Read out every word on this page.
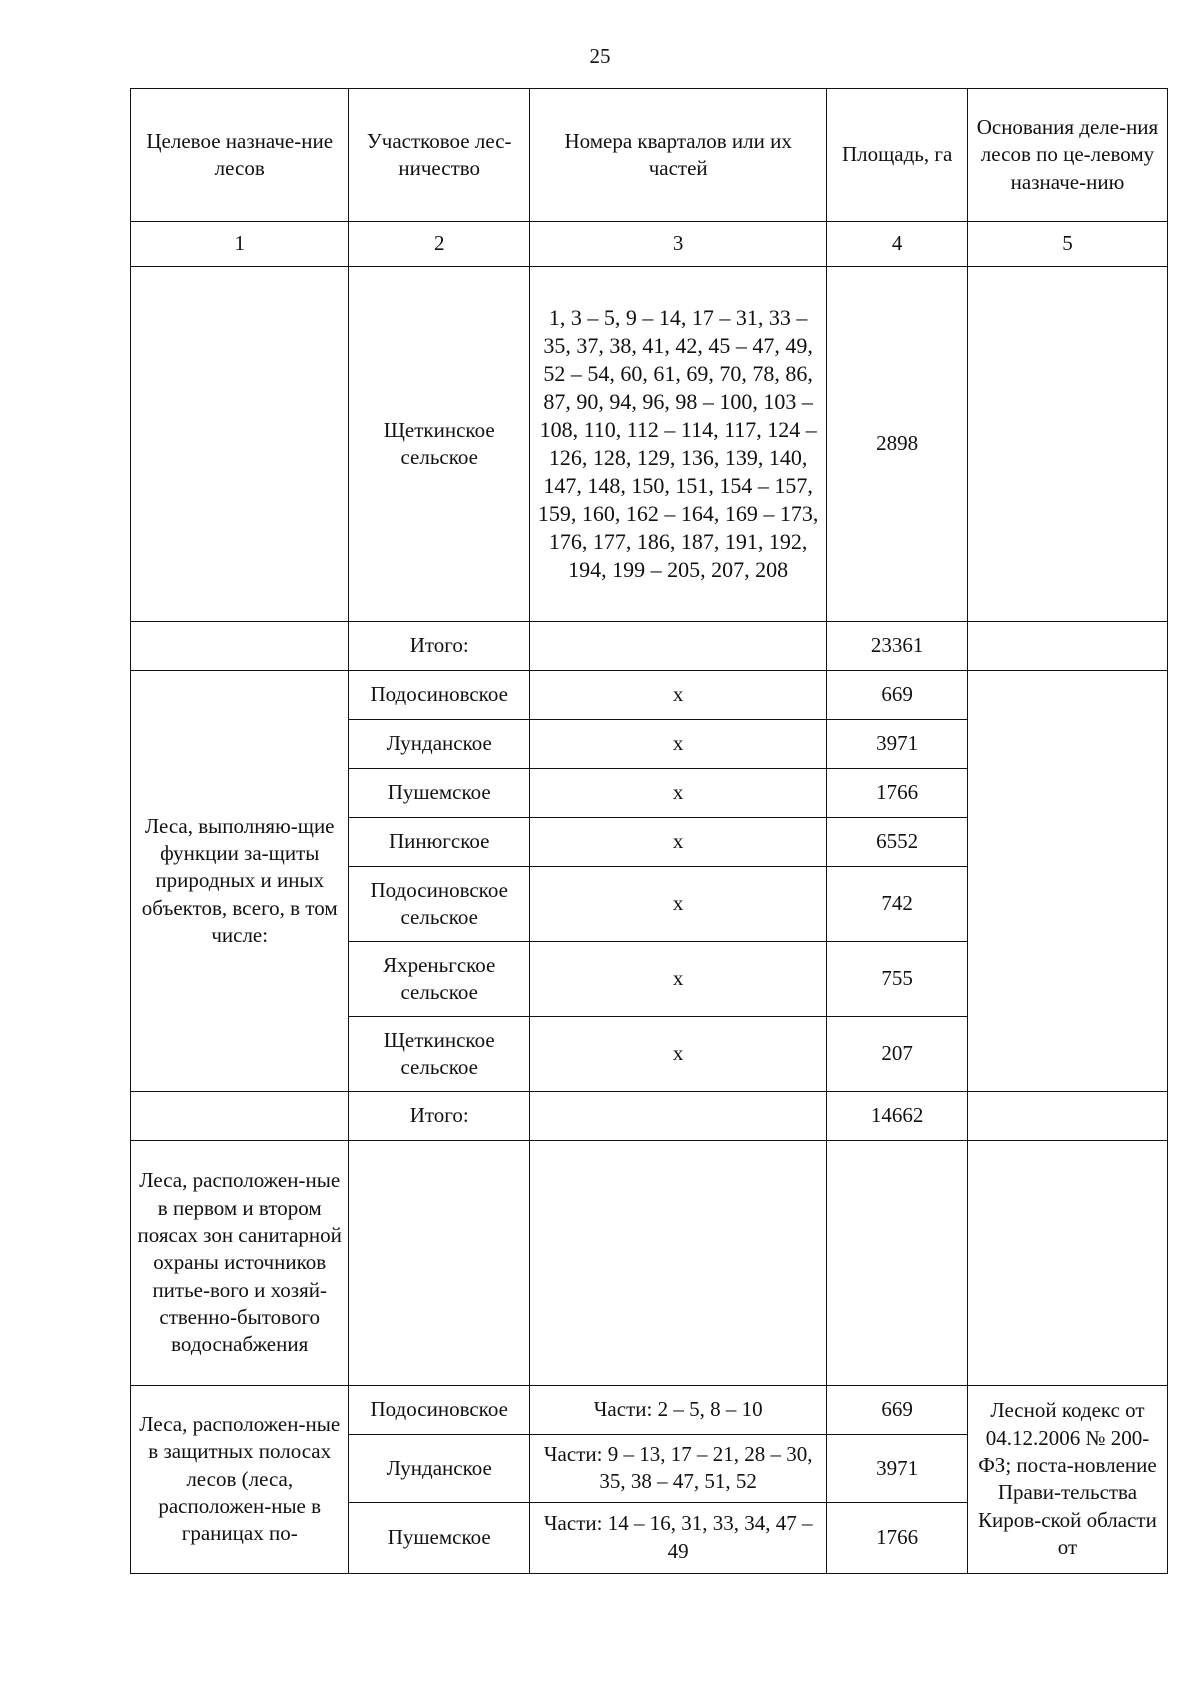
25
Целевое назначе-ние лесов	Участковое лес-ничество	Номера кварталов или их частей	Площадь, га	Основания деле-ния лесов по це-левому назначе-нию
1	2	3	4	5
	Щеткинское сельское	1, 3 – 5, 9 – 14, 17 – 31, 33 – 35, 37, 38, 41, 42, 45 – 47, 49, 52 – 54, 60, 61, 69, 70, 78, 86, 87, 90, 94, 96, 98 – 100, 103 – 108, 110, 112 – 114, 117, 124 – 126, 128, 129, 136, 139, 140, 147, 148, 150, 151, 154 – 157, 159, 160, 162 – 164, 169 – 173, 176, 177, 186, 187, 191, 192, 194, 199 – 205, 207, 208	2898	
	Итого:		23361	
Леса, выполняю-щие функции за-щиты природных и иных объектов, всего, в том числе:	Подосиновское	x	669	
	Лунданское	x	3971	
	Пушемское	x	1766	
	Пинюгское	x	6552	
	Подосиновское сельское	x	742	
	Яхреньгское сельское	x	755	
	Щеткинское сельское	x	207	
	Итого:		14662	
Леса, расположен-ные в первом и втором поясах зон санитарной охраны источников питье-вого и хозяй-ственно-бытового водоснабжения				
Леса, расположен-ные в защитных полосах лесов (леса, расположен-ные в границах по-	Подосиновское	Части: 2 – 5, 8 – 10	669	Лесной кодекс от 04.12.2006 № 200-ФЗ; поста-новление Прави-тельства Киров-ской области от
	Лунданское	Части: 9 – 13, 17 – 21, 28 – 30, 35, 38 – 47, 51, 52	3971	
	Пушемское	Части: 14 – 16, 31, 33, 34, 47 – 49	1766	
